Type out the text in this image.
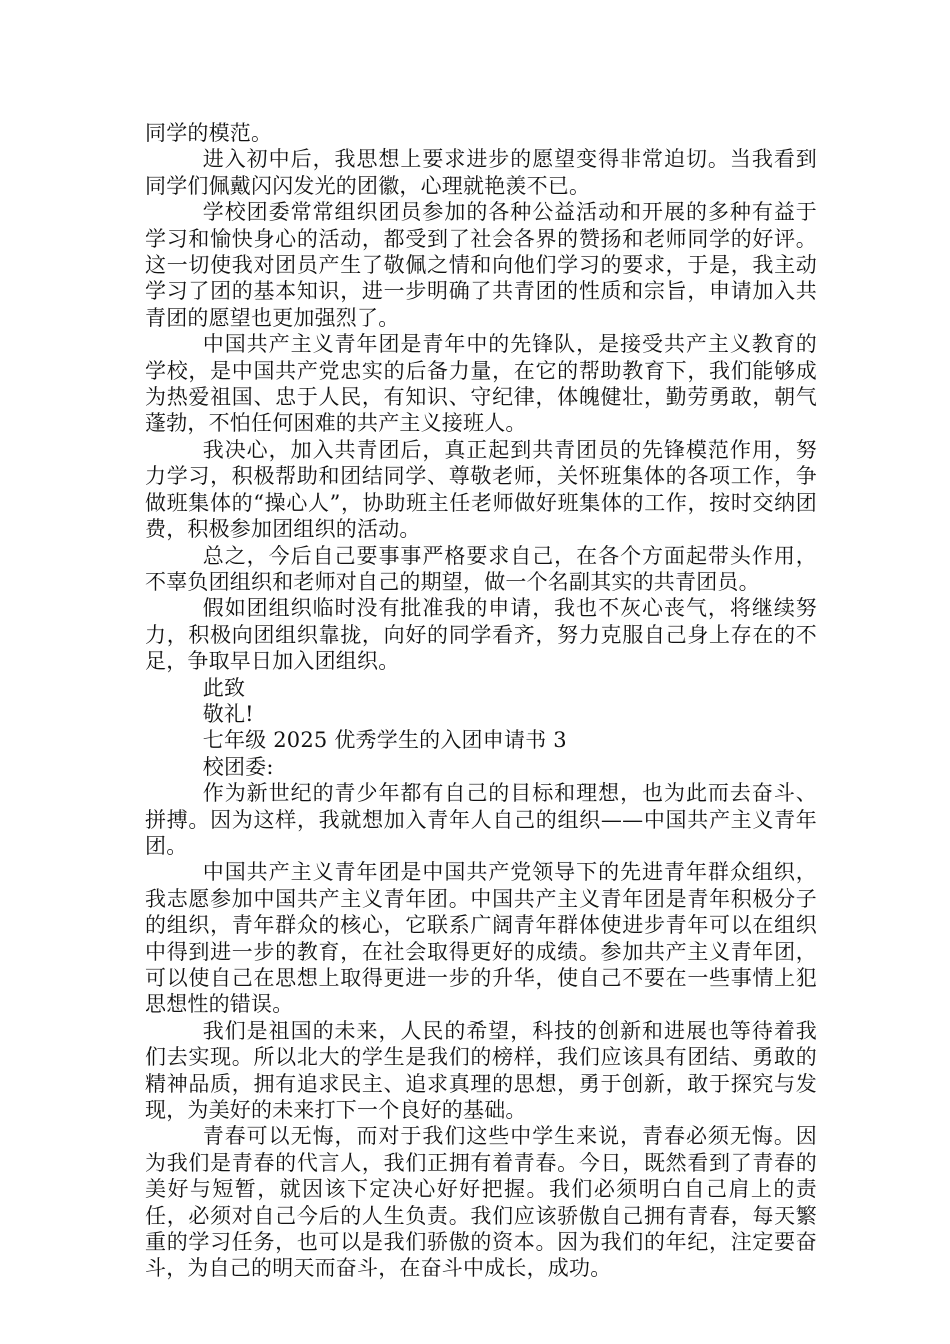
同学的模范。

进入初中后，我思想上要求进步的愿望变得非常迫切。当我看到同学们佩戴闪闪发光的团徽，心理就艳羡不已。

学校团委常常组织团员参加的各种公益活动和开展的多种有益于学习和愉快身心的活动，都受到了社会各界的赞扬和老师同学的好评。这一切使我对团员产生了敬佩之情和向他们学习的要求，于是，我主动学习了团的基本知识，进一步明确了共青团的性质和宗旨，申请加入共青团的愿望也更加强烈了。

中国共产主义青年团是青年中的先锋队，是接受共产主义教育的学校，是中国共产党忠实的后备力量，在它的帮助教育下，我们能够成为热爱祖国、忠于人民，有知识、守纪律，体魄健壮，勤劳勇敢，朝气蓬勃，不怕任何困难的共产主义接班人。

我决心，加入共青团后，真正起到共青团员的先锋模范作用，努力学习，积极帮助和团结同学、尊敬老师，关怀班集体的各项工作，争做班集体的“操心人”，协助班主任老师做好班集体的工作，按时交纳团费，积极参加团组织的活动。

总之，今后自己要事事严格要求自己，在各个方面起带头作用，不辜负团组织和老师对自己的期望，做一个名副其实的共青团员。

假如团组织临时没有批准我的申请，我也不灰心丧气，将继续努力，积极向团组织靠拢，向好的同学看齐，努力克服自己身上存在的不足，争取早日加入团组织。

此致

敬礼!

七年级 2025 优秀学生的入团申请书 3

校团委:

作为新世纪的青少年都有自己的目标和理想，也为此而去奋斗、拼搏。因为这样，我就想加入青年人自己的组织——中国共产主义青年团。

中国共产主义青年团是中国共产党领导下的先进青年群众组织，我志愿参加中国共产主义青年团。中国共产主义青年团是青年积极分子的组织，青年群众的核心，它联系广阔青年群体使进步青年可以在组织中得到进一步的教育，在社会取得更好的成绩。参加共产主义青年团，可以使自己在思想上取得更进一步的升华，使自己不要在一些事情上犯思想性的错误。

我们是祖国的未来，人民的希望，科技的创新和进展也等待着我们去实现。所以北大的学生是我们的榜样，我们应该具有团结、勇敢的精神品质，拥有追求民主、追求真理的思想，勇于创新，敢于探究与发现，为美好的未来打下一个良好的基础。

青春可以无悔，而对于我们这些中学生来说，青春必须无悔。因为我们是青春的代言人，我们正拥有着青春。今日，既然看到了青春的美好与短暂，就因该下定决心好好把握。我们必须明白自己肩上的责任，必须对自己今后的人生负责。我们应该骄傲自己拥有青春，每天繁重的学习任务，也可以是我们骄傲的资本。因为我们的年纪，注定要奋斗，为自己的明天而奋斗，在奋斗中成长，成功。
